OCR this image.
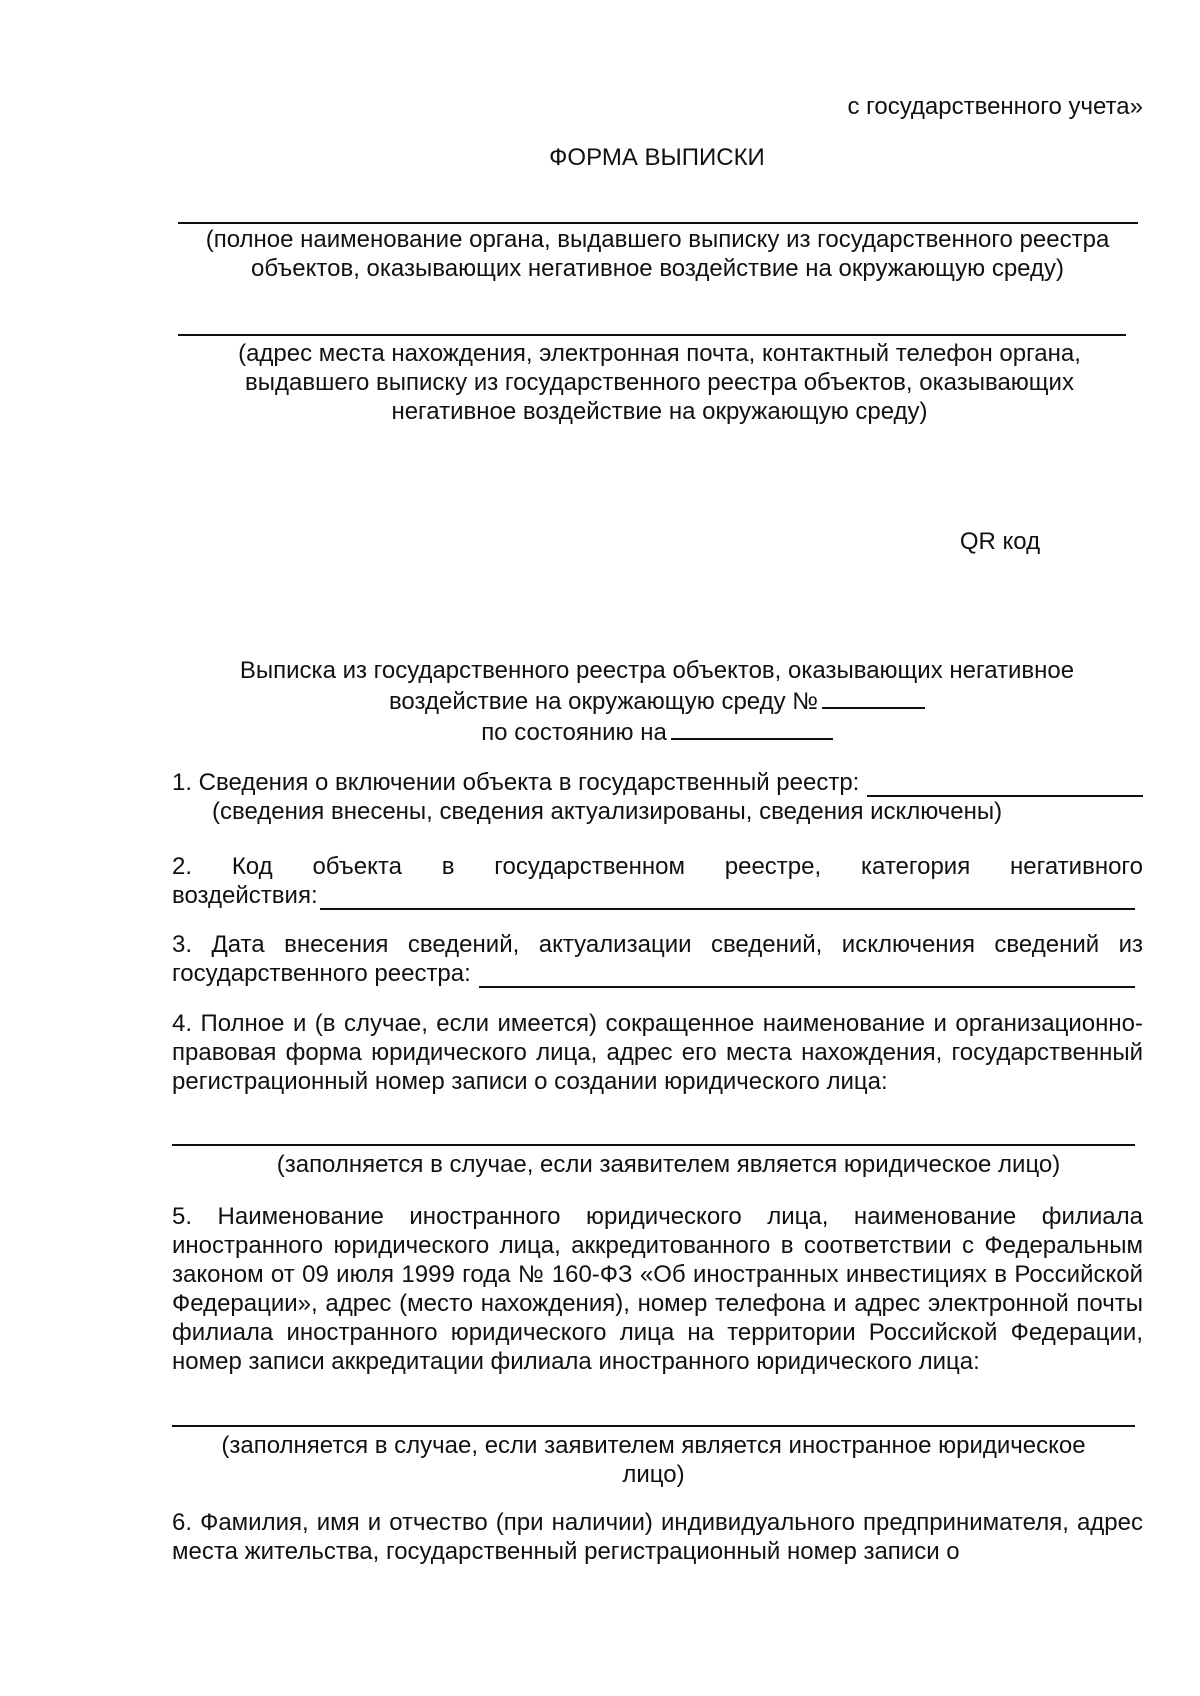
с государственного учета»
ФОРМА ВЫПИСКИ
(полное наименование органа, выдавшего выписку из государственного реестра объектов, оказывающих негативное воздействие на окружающую среду)
(адрес места нахождения, электронная почта, контактный телефон органа, выдавшего выписку из государственного реестра объектов, оказывающих негативное воздействие на окружающую среду)
QR код
Выписка из государственного реестра объектов, оказывающих негативное
воздействие на окружающую среду №
по состоянию на
1. Сведения о включении объекта в государственный реестр:
(сведения внесены, сведения актуализированы, сведения исключены)
2. Код объекта в государственном реестре, категория негативного
воздействия:
3. Дата внесения сведений, актуализации сведений, исключения сведений из
государственного реестра:
4. Полное и (в случае, если имеется) сокращенное наименование и организационно-правовая форма юридического лица, адрес его места нахождения, государственный регистрационный номер записи о создании юридического лица:
(заполняется в случае, если заявителем является юридическое лицо)
5. Наименование иностранного юридического лица, наименование филиала иностранного юридического лица, аккредитованного в соответствии с Федеральным законом от 09 июля 1999 года № 160-ФЗ «Об иностранных инвестициях в Российской Федерации», адрес (место нахождения), номер телефона и адрес электронной почты филиала иностранного юридического лица на территории Российской Федерации, номер записи аккредитации филиала иностранного юридического лица:
(заполняется в случае, если заявителем является иностранное юридическое
лицо)
6. Фамилия, имя и отчество (при наличии) индивидуального предпринимателя, адрес места жительства, государственный регистрационный номер записи о
